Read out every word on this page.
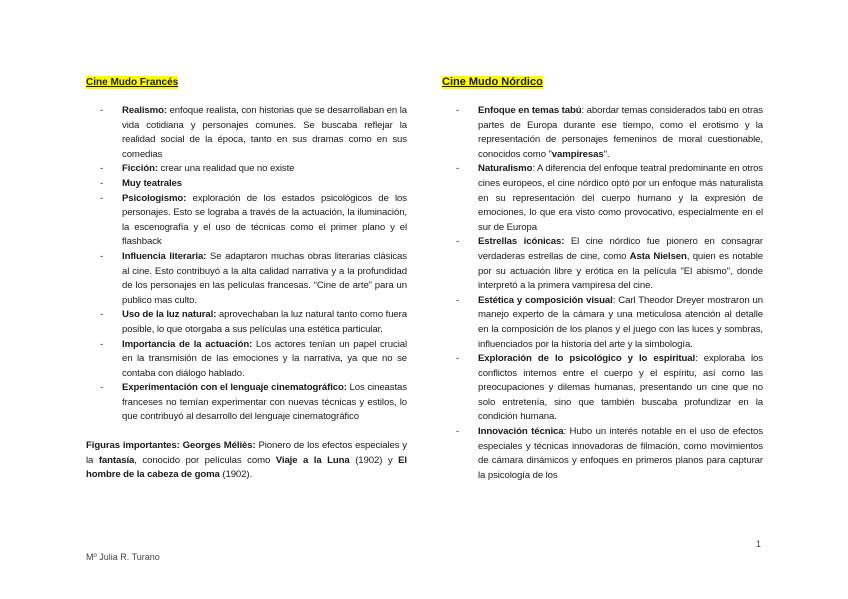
Cine Mudo Francés
- Realismo: enfoque realista, con historias que se desarrollaban en la vida cotidiana y personajes comunes. Se buscaba reflejar la realidad social de la época, tanto en sus dramas como en sus comedias
- Ficción: crear una realidad que no existe
- Muy teatrales
- Psicologismo: exploración de los estados psicológicos de los personajes. Esto se lograba a través de la actuación, la iluminación, la escenografía y el uso de técnicas como el primer plano y el flashback
- Influencia literaria: Se adaptaron muchas obras literarias clásicas al cine. Esto contribuyó a la alta calidad narrativa y a la profundidad de los personajes en las películas francesas. “Cine de arte” para un publico mas culto.
- Uso de la luz natural: aprovechaban la luz natural tanto como fuera posible, lo que otorgaba a sus películas una estética particular.
- Importancia de la actuación: Los actores tenían un papel crucial en la transmisión de las emociones y la narrativa, ya que no se contaba con diálogo hablado.
- Experimentación con el lenguaje cinematográfico: Los cineastas franceses no temían experimentar con nuevas técnicas y estilos, lo que contribuyó al desarrollo del lenguaje cinematográfico

Figuras importantes: Georges Méliès: Pionero de los efectos especiales y la fantasía, conocido por películas como Viaje a la Luna (1902) y El hombre de la cabeza de goma (1902).

Cine Mudo Nórdico
- Enfoque en temas tabú: abordar temas considerados tabú en otras partes de Europa durante ese tiempo, como el erotismo y la representación de personajes femeninos de moral cuestionable, conocidos como "vampiresas".
- Naturalismo: A diferencia del enfoque teatral predominante en otros cines europeos, el cine nórdico optó por un enfoque más naturalista en su representación del cuerpo humano y la expresión de emociones, lo que era visto como provocativo, especialmente en el sur de Europa
- Estrellas icónicas: El cine nórdico fue pionero en consagrar verdaderas estrellas de cine, como Asta Nielsen, quien es notable por su actuación libre y erótica en la película "El abismo", donde interpretó a la primera vampiresa del cine.
- Estética y composición visual: Carl Theodor Dreyer mostraron un manejo experto de la cámara y una meticulosa atención al detalle en la composición de los planos y el juego con las luces y sombras, influenciados por la historia del arte y la simbología.
- Exploración de lo psicológico y lo espiritual: exploraba los conflictos internos entre el cuerpo y el espíritu, así como las preocupaciones y dilemas humanas, presentando un cine que no solo entretenía, sino que también buscaba profundizar en la condición humana.
- Innovación técnica: Hubo un interés notable en el uso de efectos especiales y técnicas innovadoras de filmación, como movimientos de cámara dinámicos y enfoques en primeros planos para capturar la psicología de los
1
Mº Julia R. Turano
